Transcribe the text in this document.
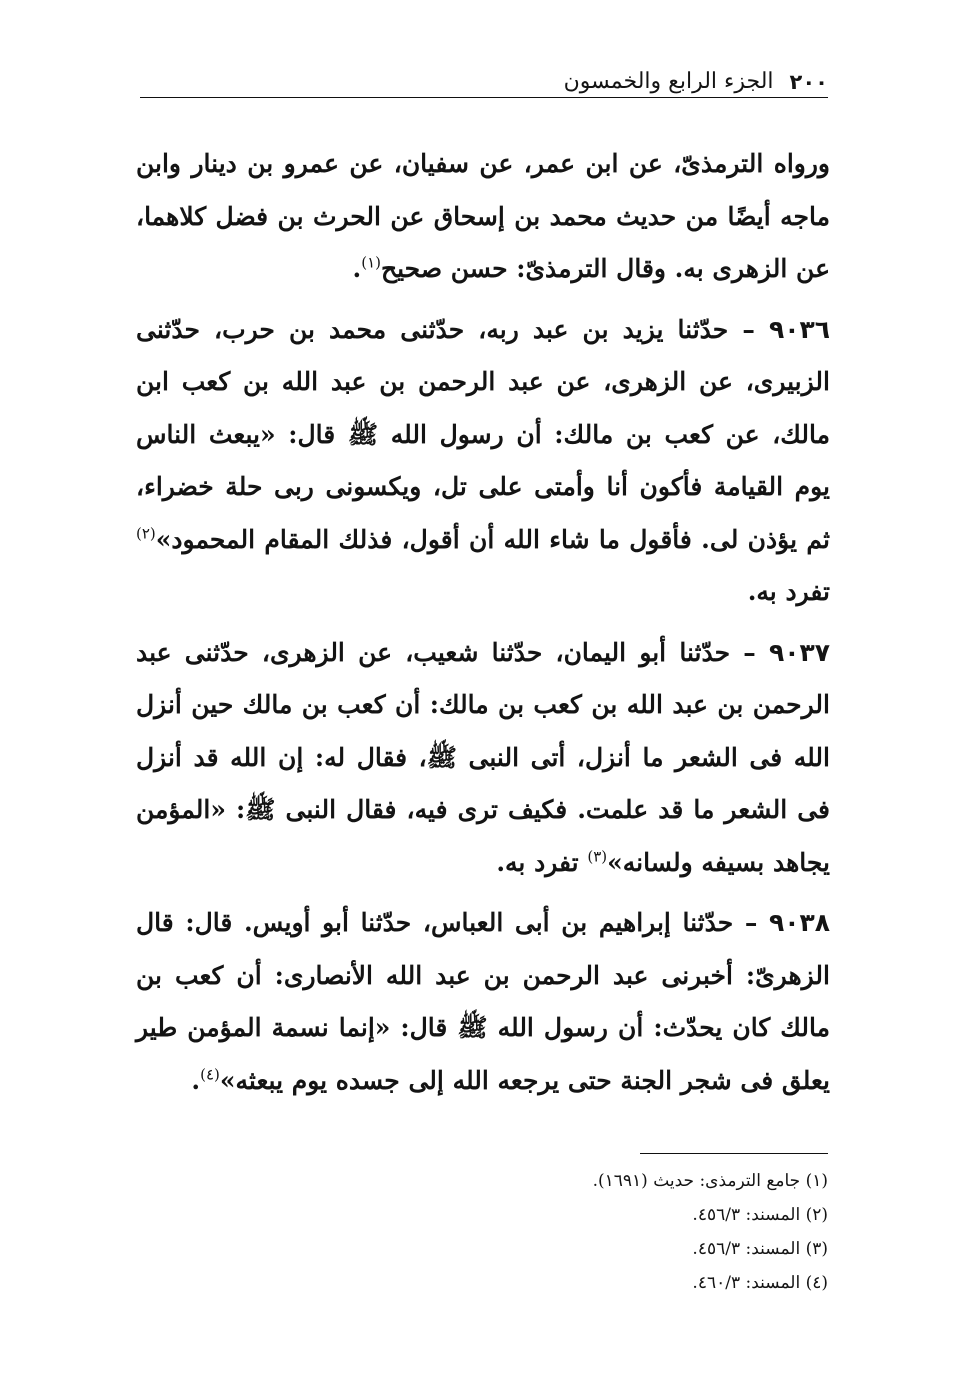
٢٠٠
الجزء الرابع والخمسون

ورواه الترمذىّ، عن ابن عمر، عن سفيان، عن عمرو بن دينار وابن ماجه أيضًا من حديث محمد بن إسحاق عن الحرث بن فضل كلاهما، عن الزهرى به. وقال الترمذىّ: حسن صحيح$^{(١)}$.

٩٠٣٦ – حدّثنا يزيد بن عبد ربه، حدّثنى محمد بن حرب، حدّثنى الزبيرى، عن الزهرى، عن عبد الرحمن بن عبد الله بن كعب ابن مالك، عن كعب بن مالك: أن رسول الله ﷺ قال: «يبعث الناس يوم القيامة فأكون أنا وأمتى على تل، ويكسونى ربى حلة خضراء، ثم يؤذن لى. فأقول ما شاء الله أن أقول، فذلك المقام المحمود»$^{(٢)}$ تفرد به.

٩٠٣٧ – حدّثنا أبو اليمان، حدّثنا شعيب، عن الزهرى، حدّثنى عبد الرحمن بن عبد الله بن كعب بن مالك: أن كعب بن مالك حين أنزل الله فى الشعر ما أنزل، أتى النبى ﷺ، فقال له: إن الله قد أنزل فى الشعر ما قد علمت. فكيف ترى فيه، فقال النبى ﷺ: «المؤمن يجاهد بسيفه ولسانه»$^{(٣)}$ تفرد به.

٩٠٣٨ – حدّثنا إبراهيم بن أبى العباس، حدّثنا أبو أويس. قال: قال الزهرىّ: أخبرنى عبد الرحمن بن عبد الله الأنصارى: أن كعب بن مالك كان يحدّث: أن رسول الله ﷺ قال: «إنما نسمة المؤمن طير يعلق فى شجر الجنة حتى يرجعه الله إلى جسده يوم يبعثه»$^{(٤)}$.

(١) جامع الترمذى: حديث (١٦٩١).
(٢) المسند: ٤٥٦/٣.
(٣) المسند: ٤٥٦/٣.
(٤) المسند: ٤٦٠/٣.
